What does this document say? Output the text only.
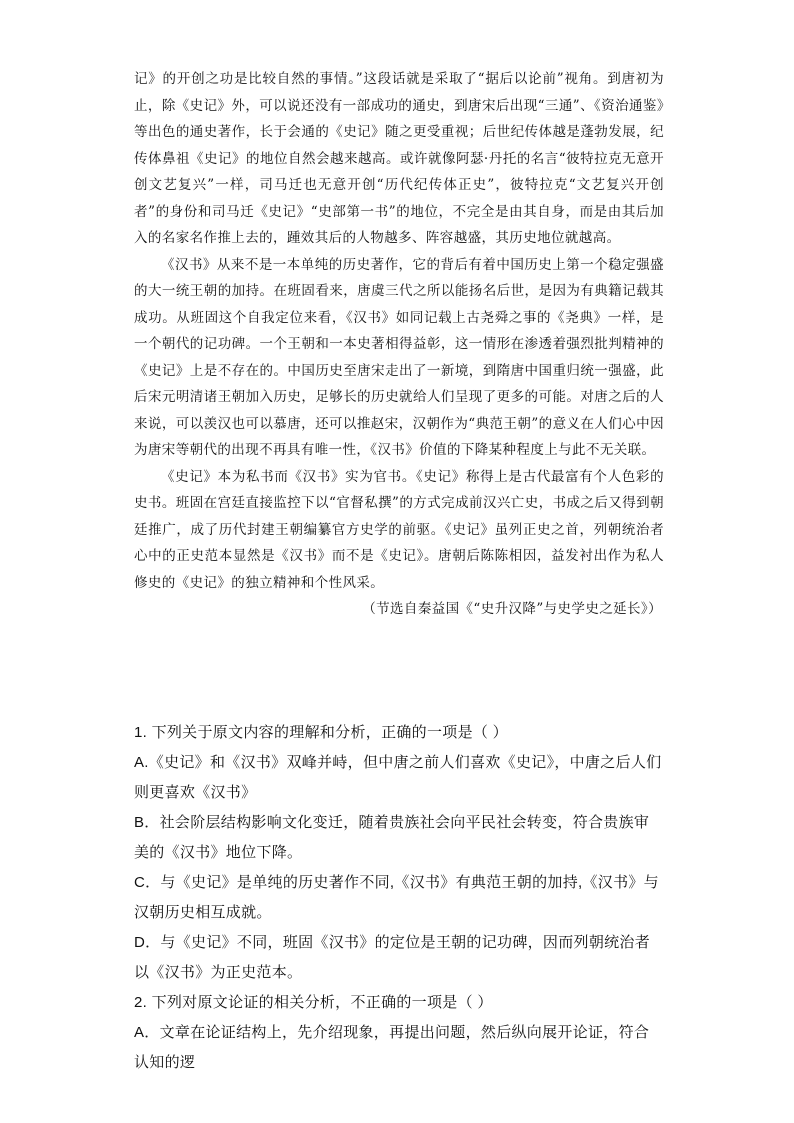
记》的开创之功是比较自然的事情。”这段话就是采取了“据后以论前”视角。到唐初为止，除《史记》外，可以说还没有一部成功的通史，到唐宋后出现“三通”、《资治通鉴》等出色的通史著作，长于会通的《史记》随之更受重视；后世纪传体越是蓬勃发展，纪传体鼻祖《史记》的地位自然会越来越高。或许就像阿瑟·丹托的名言“彼特拉克无意开创文艺复兴”一样，司马迁也无意开创“历代纪传体正史”，彼特拉克“文艺复兴开创者”的身份和司马迁《史记》“史部第一书”的地位，不完全是由其自身，而是由其后加入的名家名作推上去的，踵效其后的人物越多、阵容越盛，其历史地位就越高。

《汉书》从来不是一本单纯的历史著作，它的背后有着中国历史上第一个稳定强盛的大一统王朝的加持。在班固看来，唐虞三代之所以能扬名后世，是因为有典籍记载其成功。从班固这个自我定位来看，《汉书》如同记载上古尧舜之事的《尧典》一样，是一个朝代的记功碑。一个王朝和一本史著相得益彰，这一情形在渗透着强烈批判精神的《史记》上是不存在的。中国历史至唐宋走出了一新境，到隋唐中国重归统一强盛，此后宋元明清诸王朝加入历史，足够长的历史就给人们呈现了更多的可能。对唐之后的人来说，可以羡汉也可以慕唐，还可以推赵宋，汉朝作为“典范王朝”的意义在人们心中因为唐宋等朝代的出现不再具有唯一性，《汉书》价值的下降某种程度上与此不无关联。

《史记》本为私书而《汉书》实为官书。《史记》称得上是古代最富有个人色彩的史书。班固在宫廷直接监控下以“官督私撰”的方式完成前汉兴亡史，书成之后又得到朝廷推广，成了历代封建王朝编纂官方史学的前驱。《史记》虽列正史之首，列朝统治者心中的正史范本显然是《汉书》而不是《史记》。唐朝后陈陈相因，益发衬出作为私人修史的《史记》的独立精神和个性风采。

（节选自秦益国《“史升汉降”与史学史之延长》）

1. 下列关于原文内容的理解和分析，正确的一项是（ ）

A.《史记》和《汉书》双峰并峙，但中唐之前人们喜欢《史记》，中唐之后人们则更喜欢《汉书》

B．社会阶层结构影响文化变迁，随着贵族社会向平民社会转变，符合贵族审美的《汉书》地位下降。

C．与《史记》是单纯的历史著作不同,《汉书》有典范王朝的加持,《汉书》与汉朝历史相互成就。

D．与《史记》不同，班固《汉书》的定位是王朝的记功碑，因而列朝统治者以《汉书》为正史范本。

2. 下列对原文论证的相关分析，不正确的一项是（ ）

A．文章在论证结构上，先介绍现象，再提出问题，然后纵向展开论证，符合认知的逻
